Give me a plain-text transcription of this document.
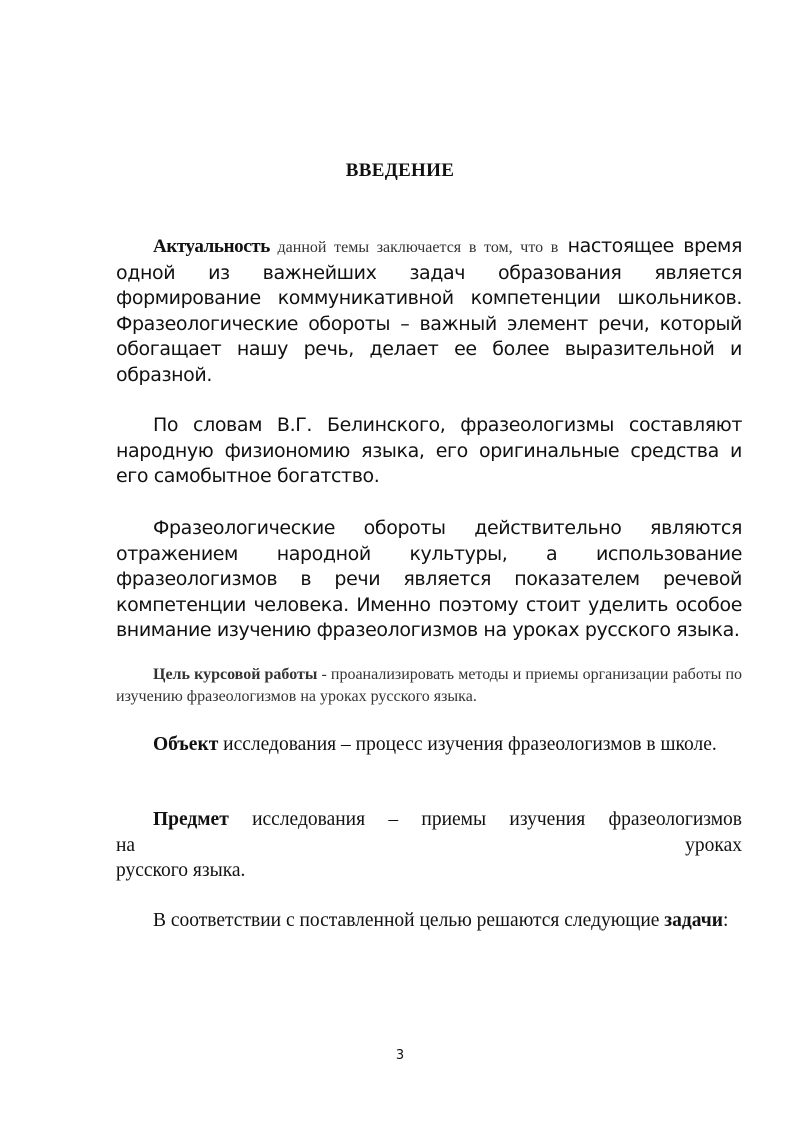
ВВЕДЕНИЕ
Актуальность данной темы заключается в том, что в настоящее время одной из важнейших задач образования является формирование коммуникативной компетенции школьников. Фразеологические обороты – важный элемент речи, который обогащает нашу речь, делает ее более выразительной и образной.
По словам В.Г. Белинского, фразеологизмы составляют народную физиономию языка, его оригинальные средства и его самобытное богатство.
Фразеологические обороты действительно являются отражением народной культуры, а использование фразеологизмов в речи является показателем речевой компетенции человека. Именно поэтому стоит уделить особое внимание изучению фразеологизмов на уроках русского языка.
Цель курсовой работы - проанализировать методы и приемы организации работы по изучению фразеологизмов на уроках русского языка.
Объект исследования – процесс изучения фразеологизмов в школе.
Предмет исследования – приемы изучения фразеологизмов
на	уроках
русского языка.
В соответствии с поставленной целью решаются следующие задачи:
3
